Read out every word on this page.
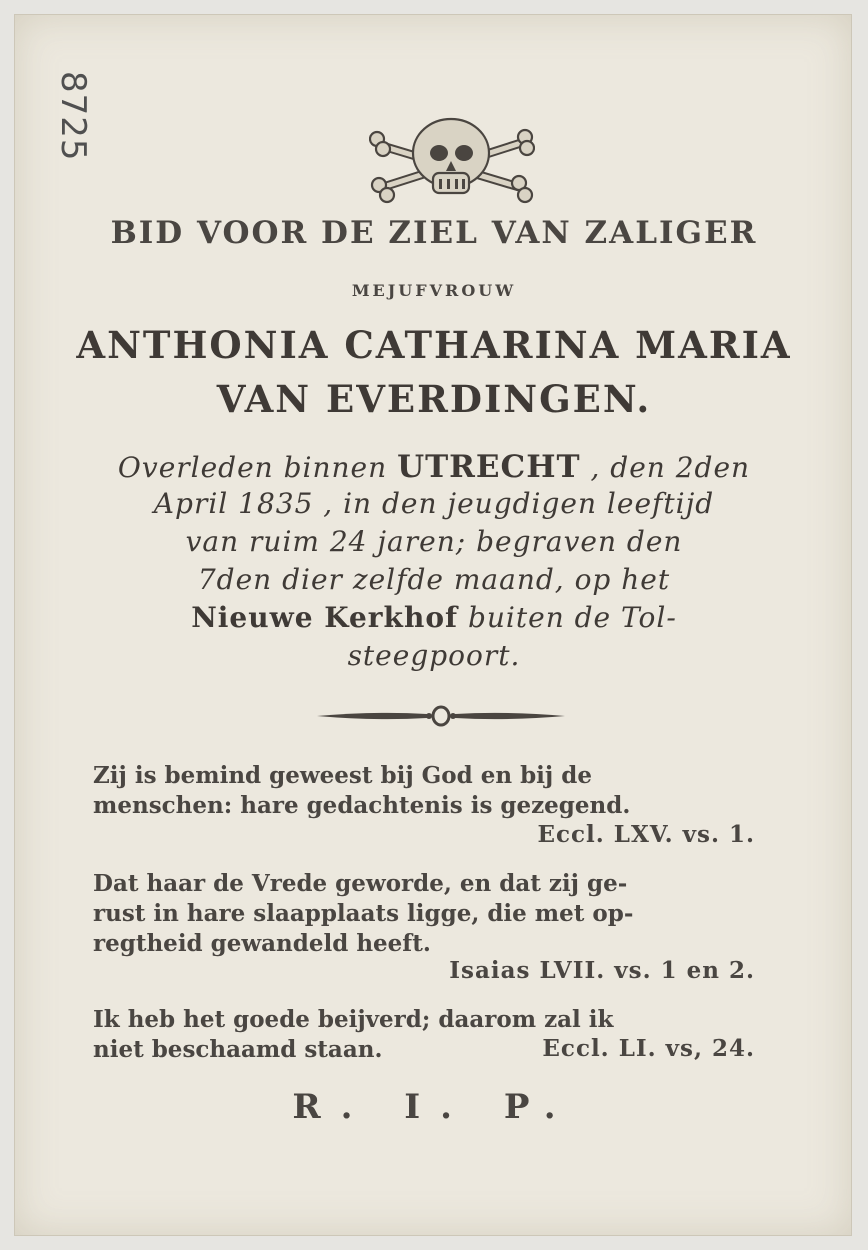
8725
BID VOOR DE ZIEL VAN ZALIGER
MEJUFVROUW
ANTHONIA CATHARINA MARIA
VAN EVERDINGEN.
Overleden binnen UTRECHT , den 2den
April 1835 , in den jeugdigen leeftijd
van ruim 24 jaren; begraven den
7den dier zelfde maand, op het
Nieuwe Kerkhof buiten de Tol-
steegpoort.
Zij is bemind geweest bij God en bij de
menschen: hare gedachtenis is gezegend.
Eccl. LXV. vs. 1.
Dat haar de Vrede geworde, en dat zij ge-
rust in hare slaapplaats ligge, die met op-
regtheid gewandeld heeft.
Isaias LVII. vs. 1 en 2.
Ik heb het goede beijverd; daarom zal ik
niet beschaamd staan.	Eccl. LI. vs, 24.
R. I. P.
